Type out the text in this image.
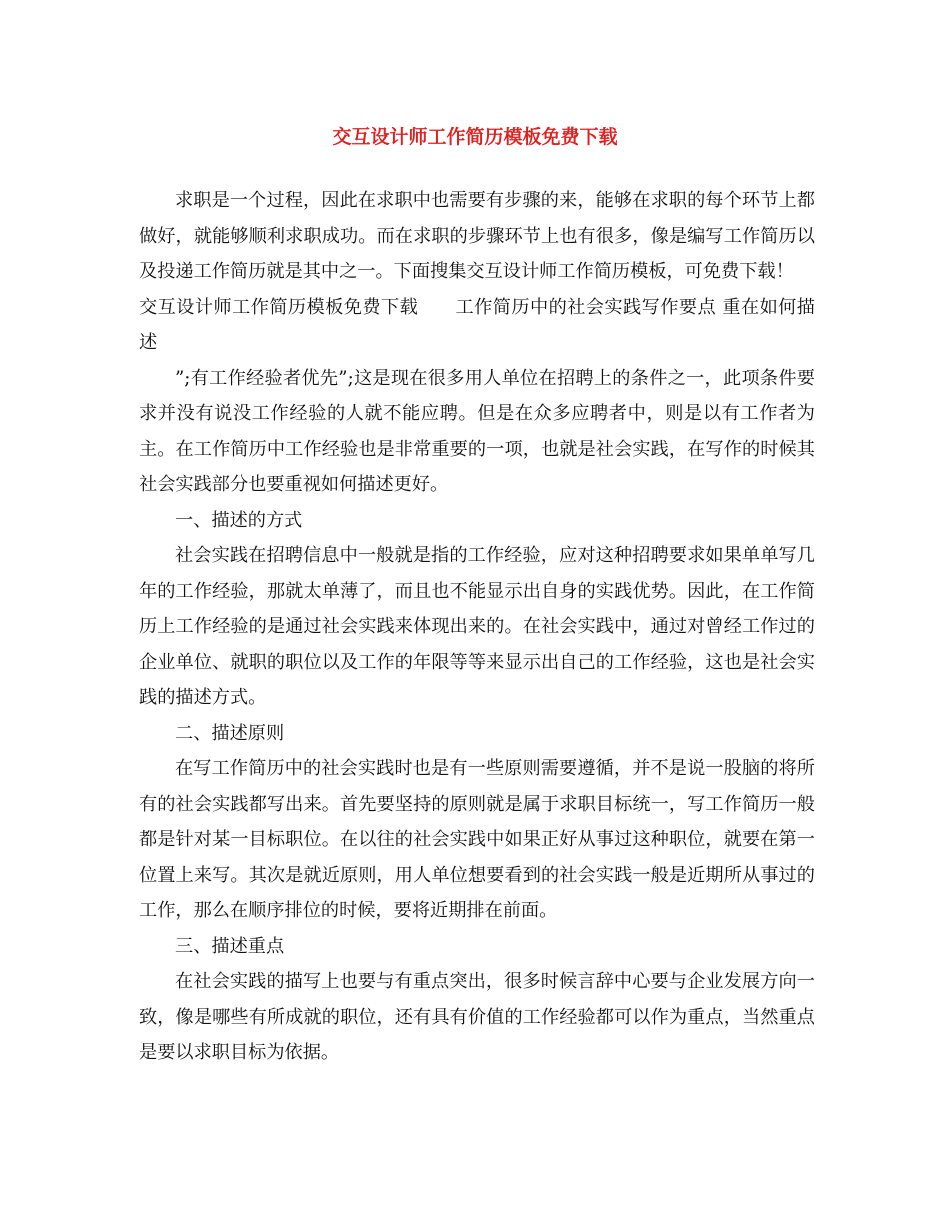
交互设计师工作简历模板免费下载

求职是一个过程，因此在求职中也需要有步骤的来，能够在求职的每个环节上都做好，就能够顺利求职成功。而在求职的步骤环节上也有很多，像是编写工作简历以及投递工作简历就是其中之一。下面搜集交互设计师工作简历模板，可免费下载！

交互设计师工作简历模板免费下载　　工作简历中的社会实践写作要点 重在如何描述

”;有工作经验者优先”;这是现在很多用人单位在招聘上的条件之一，此项条件要求并没有说没工作经验的人就不能应聘。但是在众多应聘者中，则是以有工作者为主。在工作简历中工作经验也是非常重要的一项，也就是社会实践，在写作的时候其社会实践部分也要重视如何描述更好。

一、描述的方式

社会实践在招聘信息中一般就是指的工作经验，应对这种招聘要求如果单单写几年的工作经验，那就太单薄了，而且也不能显示出自身的实践优势。因此，在工作简历上工作经验的是通过社会实践来体现出来的。在社会实践中，通过对曾经工作过的企业单位、就职的职位以及工作的年限等等来显示出自己的工作经验，这也是社会实践的描述方式。

二、描述原则

在写工作简历中的社会实践时也是有一些原则需要遵循，并不是说一股脑的将所有的社会实践都写出来。首先要坚持的原则就是属于求职目标统一，写工作简历一般都是针对某一目标职位。在以往的社会实践中如果正好从事过这种职位，就要在第一位置上来写。其次是就近原则，用人单位想要看到的社会实践一般是近期所从事过的工作，那么在顺序排位的时候，要将近期排在前面。

三、描述重点

在社会实践的描写上也要与有重点突出，很多时候言辞中心要与企业发展方向一致，像是哪些有所成就的职位，还有具有价值的工作经验都可以作为重点，当然重点是要以求职目标为依据。
